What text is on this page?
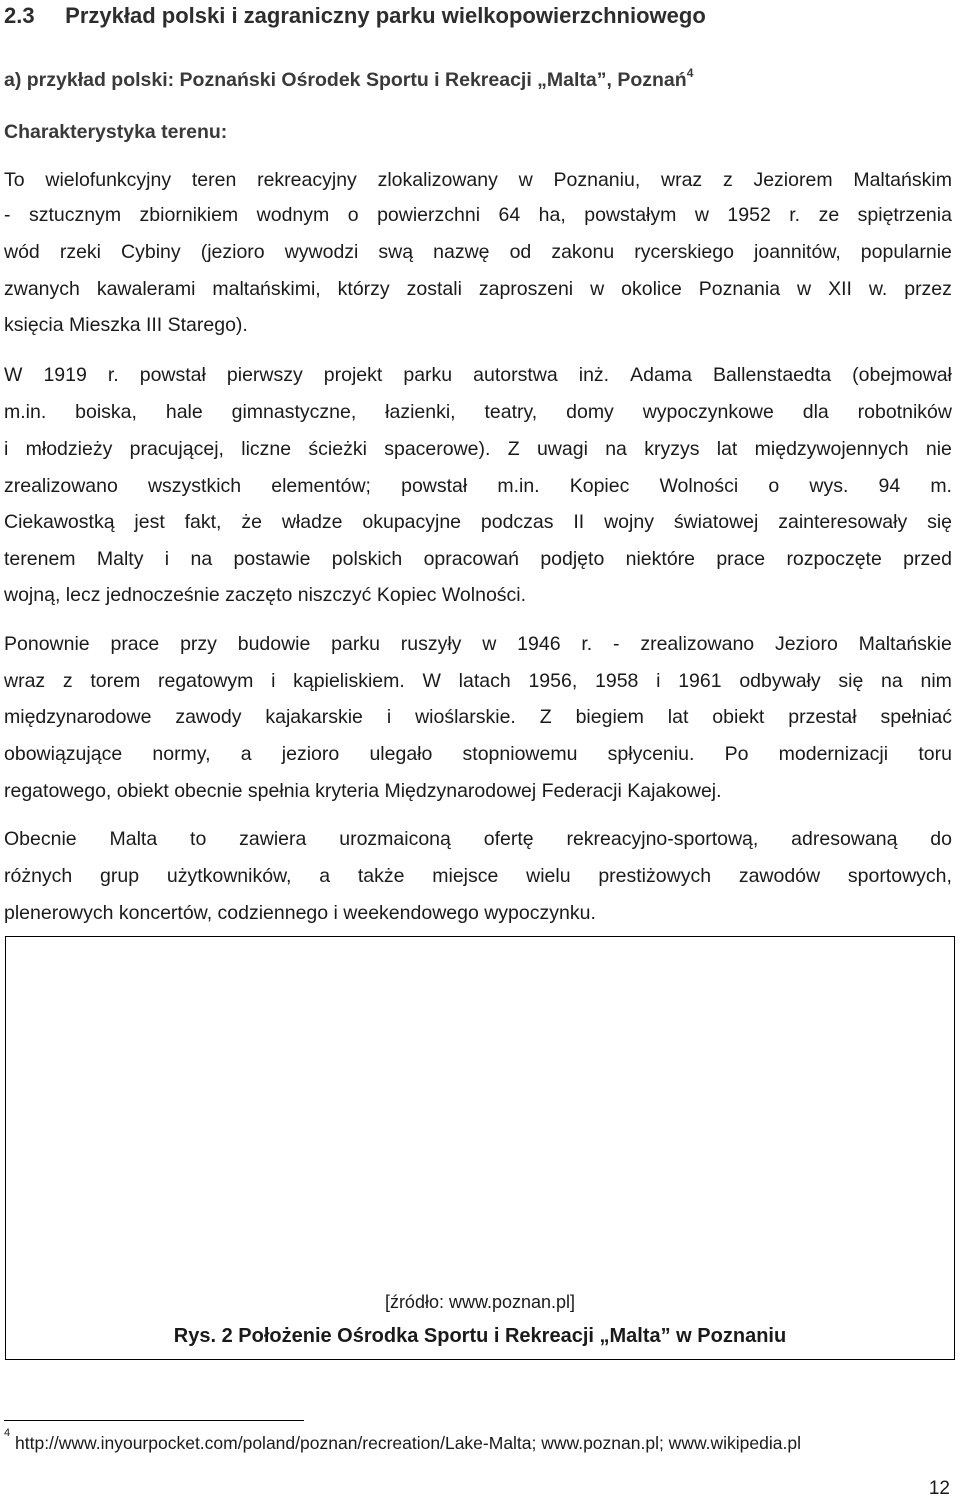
2.3 Przykład polski i zagraniczny parku wielkopowierzchniowego
a) przykład polski: Poznański Ośrodek Sportu i Rekreacji „Malta”, Poznań$^4$
Charakterystyka terenu:
To wielofunkcyjny teren rekreacyjny zlokalizowany w Poznaniu, wraz z Jeziorem Maltańskim
- sztucznym zbiornikiem wodnym o powierzchni 64 ha, powstałym w 1952 r. ze spiętrzenia
wód rzeki Cybiny (jezioro wywodzi swą nazwę od zakonu rycerskiego joannitów, popularnie
zwanych kawalerami maltańskimi, którzy zostali zaproszeni w okolice Poznania w XII w. przez
księcia Mieszka III Starego).
W 1919 r. powstał pierwszy projekt parku autorstwa inż. Adama Ballenstaedta (obejmował
m.in. boiska, hale gimnastyczne, łazienki, teatry, domy wypoczynkowe dla robotników
i młodzieży pracującej, liczne ścieżki spacerowe). Z uwagi na kryzys lat międzywojennych nie
zrealizowano wszystkich elementów; powstał m.in. Kopiec Wolności o wys. 94 m.
Ciekawostką jest fakt, że władze okupacyjne podczas II wojny światowej zainteresowały się
terenem Malty i na postawie polskich opracowań podjęto niektóre prace rozpoczęte przed
wojną, lecz jednocześnie zaczęto niszczyć Kopiec Wolności.
Ponownie prace przy budowie parku ruszyły w 1946 r. - zrealizowano Jezioro Maltańskie
wraz z torem regatowym i kąpieliskiem. W latach 1956, 1958 i 1961 odbywały się na nim
międzynarodowe zawody kajakarskie i wioślarskie. Z biegiem lat obiekt przestał spełniać
obowiązujące normy, a jezioro ulegało stopniowemu spłyceniu. Po modernizacji toru
regatowego, obiekt obecnie spełnia kryteria Międzynarodowej Federacji Kajakowej.
Obecnie Malta to zawiera urozmaiconą ofertę rekreacyjno-sportową, adresowaną do
różnych grup użytkowników, a także miejsce wielu prestiżowych zawodów sportowych,
plenerowych koncertów, codziennego i weekendowego wypoczynku.
[źródło: www.poznan.pl]
Rys. 2 Położenie Ośrodka Sportu i Rekreacji „Malta” w Poznaniu
$^4$ http://www.inyourpocket.com/poland/poznan/recreation/Lake-Malta; www.poznan.pl; www.wikipedia.pl
12
